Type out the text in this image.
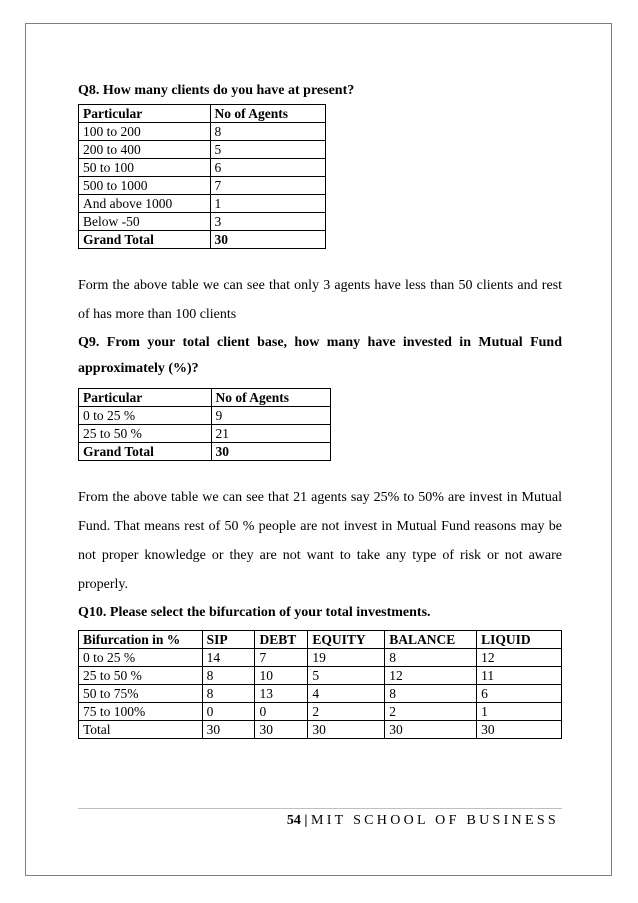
Q8. How many clients do you have at present?

Particular	No of Agents
100 to 200	8
200 to 400	5
50 to 100	6
500 to 1000	7
And above 1000	1
Below -50	3
Grand Total	30

Form the above table we can see that only 3 agents have less than 50 clients and rest of has more than 100 clients

Q9. From your total client base, how many have invested in Mutual Fund approximately (%)?

Particular	No of Agents
0 to 25 %	9
25 to 50 %	21
Grand Total	30

From the above table we can see that 21 agents say 25% to 50% are invest in Mutual Fund. That means rest of 50 % people are not invest in Mutual Fund reasons may be not proper knowledge or they are not want to take any type of risk or not aware properly.

Q10. Please select the bifurcation of your total investments.

Bifurcation in %	SIP	DEBT	EQUITY	BALANCE	LIQUID
0 to 25 %	14	7	19	8	12
25 to 50 %	8	10	5	12	11
50 to 75%	8	13	4	8	6
75 to 100%	0	0	2	2	1
Total	30	30	30	30	30
54 | MIT SCHOOL OF BUSINESS
